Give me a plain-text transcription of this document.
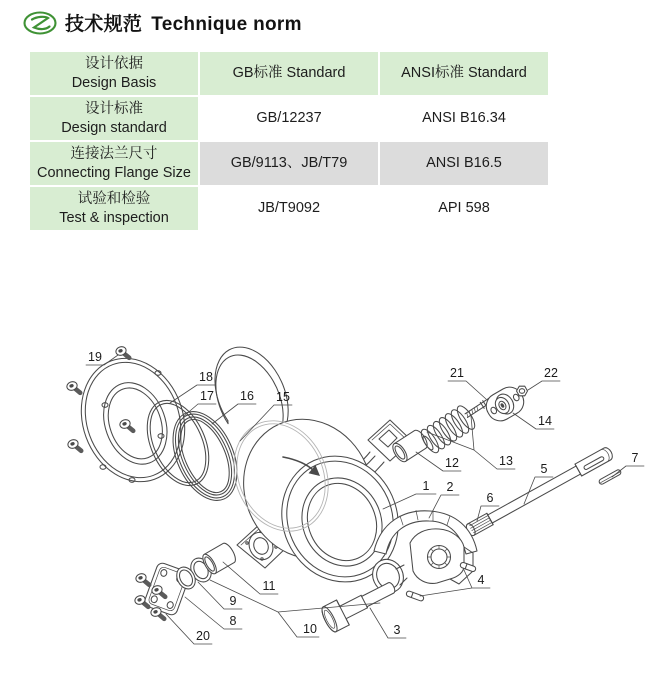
技术规范 Technique norm
设计依据
Design Basis	GB标准 Standard	ANSI标准 Standard

设计标准
Design standard	GB/12237	ANSI B16.34

连接法兰尺寸
Connecting Flange Size	GB/9113、JB/T79	ANSI B16.5

试验和检验
Test & inspection	JB/T9092	API 598
1 2
3
4
5
6
7
8
9
10
11
12	13
14
15
16
17
18
19
20
21	22
